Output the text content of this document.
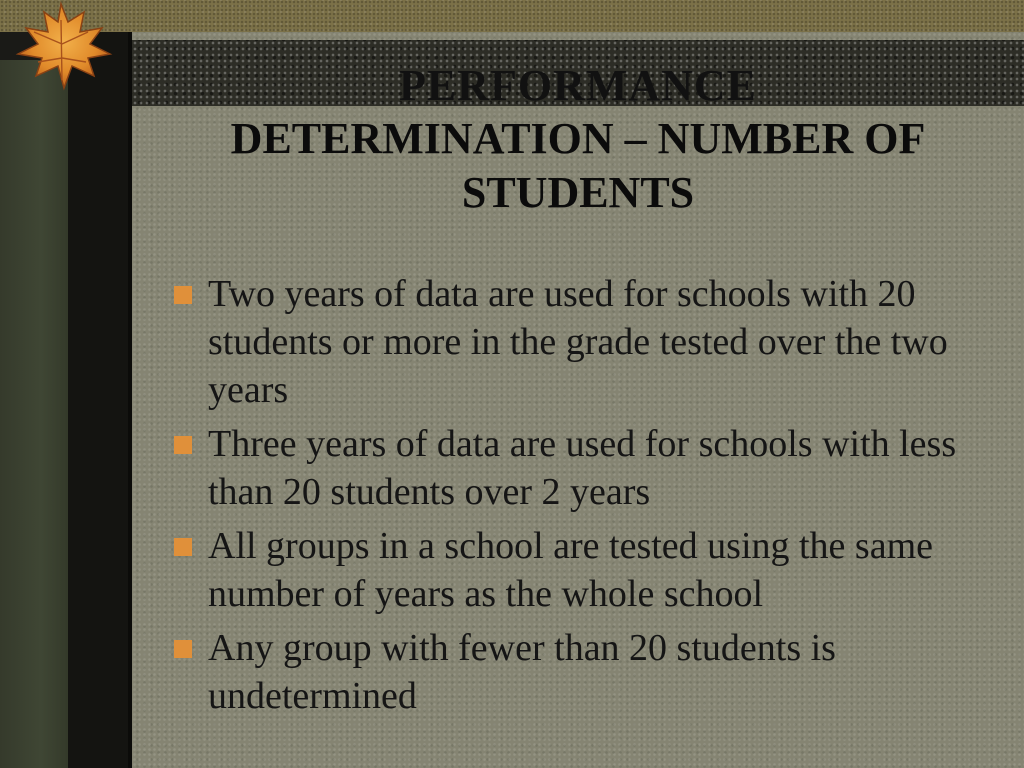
PERFORMANCE

DETERMINATION – NUMBER OF

STUDENTS

Two years of data are used for schools with 20 students or more in the grade tested over the two years
Three years of data are used for schools with less than 20 students over 2 years
All groups in a school are tested using the same number of years as the whole school
Any group with fewer than 20 students is undetermined
